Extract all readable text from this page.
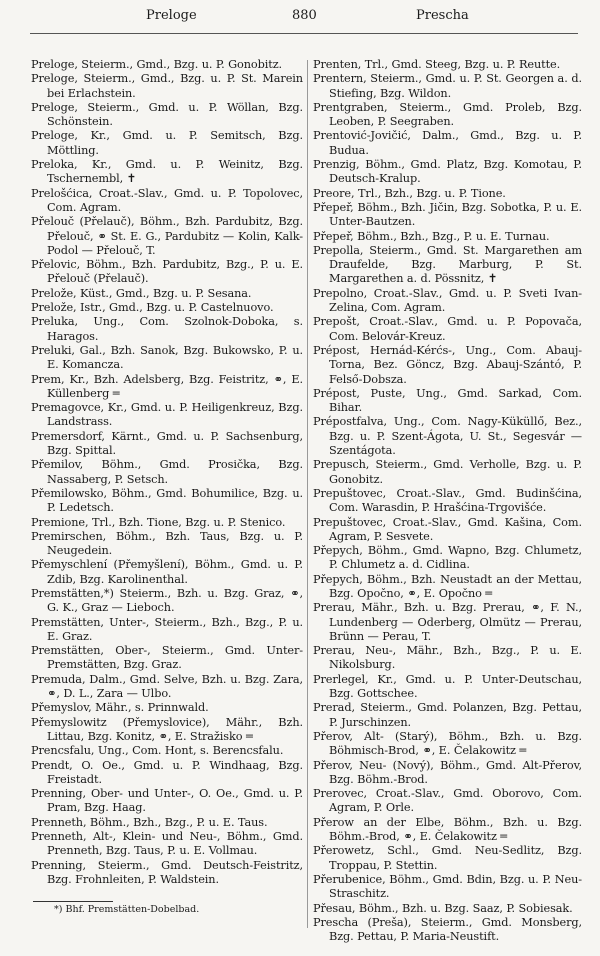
Preloge	880	Prescha

Preloge, Steierm., Gmd., Bzg. u. P. Gonobitz.

Preloge, Steierm., Gmd., Bzg. u. P. St. Marein bei Erlachstein.

Preloge, Steierm., Gmd. u. P. Wöllan, Bzg. Schönstein.

Preloge, Kr., Gmd. u. P. Semitsch, Bzg. Möttling.

Preloka, Kr., Gmd. u. P. Weinitz, Bzg. Tschernembl, ✝

Prelošćica, Croat.-Slav., Gmd. u. P. Topolovec, Com. Agram.

Přelouč (Přelauč), Böhm., Bzh. Pardubitz, Bzg. Přelouč, ⚭ St. E. G., Pardubitz — Kolin, Kalk-Podol — Přelouč, T.

Přelovic, Böhm., Bzh. Pardubitz, Bzg., P. u. E. Přelouč (Přelauč).

Prelože, Küst., Gmd., Bzg. u. P. Sesana.

Prelože, Istr., Gmd., Bzg. u. P. Castelnuovo.

Preluka, Ung., Com. Szolnok-Doboka, s. Haragos.

Preluki, Gal., Bzh. Sanok, Bzg. Bukowsko, P. u. E. Komancza.

Prem, Kr., Bzh. Adelsberg, Bzg. Feistritz, ⚭, E. Küllenberg ═

Premagovce, Kr., Gmd. u. P. Heiligenkreuz, Bzg. Landstrass.

Premersdorf, Kärnt., Gmd. u. P. Sachsenburg, Bzg. Spittal.

Přemilov, Böhm., Gmd. Prosička, Bzg. Nassaberg, P. Setsch.

Přemilowsko, Böhm., Gmd. Bohumilice, Bzg. u. P. Ledetsch.

Premione, Trl., Bzh. Tione, Bzg. u. P. Stenico.

Premirschen, Böhm., Bzh. Taus, Bzg. u. P. Neugedein.

Přemyschlení (Přemyšlení), Böhm., Gmd. u. P. Zdib, Bzg. Karolinenthal.

Premstätten,*) Steierm., Bzh. u. Bzg. Graz, ⚭, G. K., Graz — Lieboch.

Premstätten, Unter-, Steierm., Bzh., Bzg., P. u. E. Graz.

Premstätten, Ober-, Steierm., Gmd. Unter-Premstätten, Bzg. Graz.

Premuda, Dalm., Gmd. Selve, Bzh. u. Bzg. Zara, ⚭, D. L., Zara — Ulbo.

Přemyslov, Mähr., s. Prinnwald.

Přemyslowitz (Přemyslovice), Mähr., Bzh. Littau, Bzg. Konitz, ⚭, E. Stražisko ═

Prencsfalu, Ung., Com. Hont, s. Berencsfalu.

Prendt, O. Oe., Gmd. u. P. Windhaag, Bzg. Freistadt.

Prenning, Ober- und Unter-, O. Oe., Gmd. u. P. Pram, Bzg. Haag.

Prenneth, Böhm., Bzh., Bzg., P. u. E. Taus.

Prenneth, Alt-, Klein- und Neu-, Böhm., Gmd. Prenneth, Bzg. Taus, P. u. E. Vollmau.

Prenning, Steierm., Gmd. Deutsch-Feistritz, Bzg. Frohnleiten, P. Waldstein.

Prenten, Trl., Gmd. Steeg, Bzg. u. P. Reutte.

Prentern, Steierm., Gmd. u. P. St. Georgen a. d. Stiefing, Bzg. Wildon.

Prentgraben, Steierm., Gmd. Proleb, Bzg. Leoben, P. Seegraben.

Prentović-Jovičić, Dalm., Gmd., Bzg. u. P. Budua.

Prenzig, Böhm., Gmd. Platz, Bzg. Komotau, P. Deutsch-Kralup.

Preore, Trl., Bzh., Bzg. u. P. Tione.

Přepeř, Böhm., Bzh. Jičin, Bzg. Sobotka, P. u. E. Unter-Bautzen.

Přepeř, Böhm., Bzh., Bzg., P. u. E. Turnau.

Prepolla, Steierm., Gmd. St. Margarethen am Draufelde, Bzg. Marburg, P. St. Margarethen a. d. Pössnitz, ✝

Prepolno, Croat.-Slav., Gmd. u. P. Sveti Ivan-Zelina, Com. Agram.

Prepošt, Croat.-Slav., Gmd. u. P. Popovača, Com. Belovár-Kreuz.

Prépost, Hernád-Kérćs-, Ung., Com. Abauj-Torna, Bez. Göncz, Bzg. Abauj-Szántó, P. Felső-Dobsza.

Prépost, Puste, Ung., Gmd. Sarkad, Com. Bihar.

Prépostfalva, Ung., Com. Nagy-Küküllő, Bez., Bzg. u. P. Szent-Ágota, U. St., Segesvár — Szentágota.

Prepusch, Steierm., Gmd. Verholle, Bzg. u. P. Gonobitz.

Prepuštovec, Croat.-Slav., Gmd. Budinšćina, Com. Warasdin, P. Hrašćina-Trgovišće.

Prepuštovec, Croat.-Slav., Gmd. Kašina, Com. Agram, P. Sesvete.

Přepych, Böhm., Gmd. Wapno, Bzg. Chlumetz, P. Chlumetz a. d. Cidlina.

Přepych, Böhm., Bzh. Neustadt an der Mettau, Bzg. Opočno, ⚭, E. Opočno ═

Prerau, Mähr., Bzh. u. Bzg. Prerau, ⚭, F. N., Lundenberg — Oderberg, Olmütz — Prerau, Brünn — Perau, T.

Prerau, Neu-, Mähr., Bzh., Bzg., P. u. E. Nikolsburg.

Prerlegel, Kr., Gmd. u. P. Unter-Deutschau, Bzg. Gottschee.

Prerad, Steierm., Gmd. Polanzen, Bzg. Pettau, P. Jurschinzen.

Přerov, Alt- (Starý), Böhm., Bzh. u. Bzg. Böhmisch-Brod, ⚭, E. Čelakowitz ═

Přerov, Neu- (Nový), Böhm., Gmd. Alt-Přerov, Bzg. Böhm.-Brod.

Prerovec, Croat.-Slav., Gmd. Oborovo, Com. Agram, P. Orle.

Přerow an der Elbe, Böhm., Bzh. u. Bzg. Böhm.-Brod, ⚭, E. Čelakowitz ═

Přerowetz, Schl., Gmd. Neu-Sedlitz, Bzg. Troppau, P. Stettin.

Přerubenice, Böhm., Gmd. Bdin, Bzg. u. P. Neu-Straschitz.

Přesau, Böhm., Bzh. u. Bzg. Saaz, P. Sobiesak.

Prescha (Preša), Steierm., Gmd. Monsberg, Bzg. Pettau, P. Maria-Neustift.

*) Bhf. Premstätten-Dobelbad.
